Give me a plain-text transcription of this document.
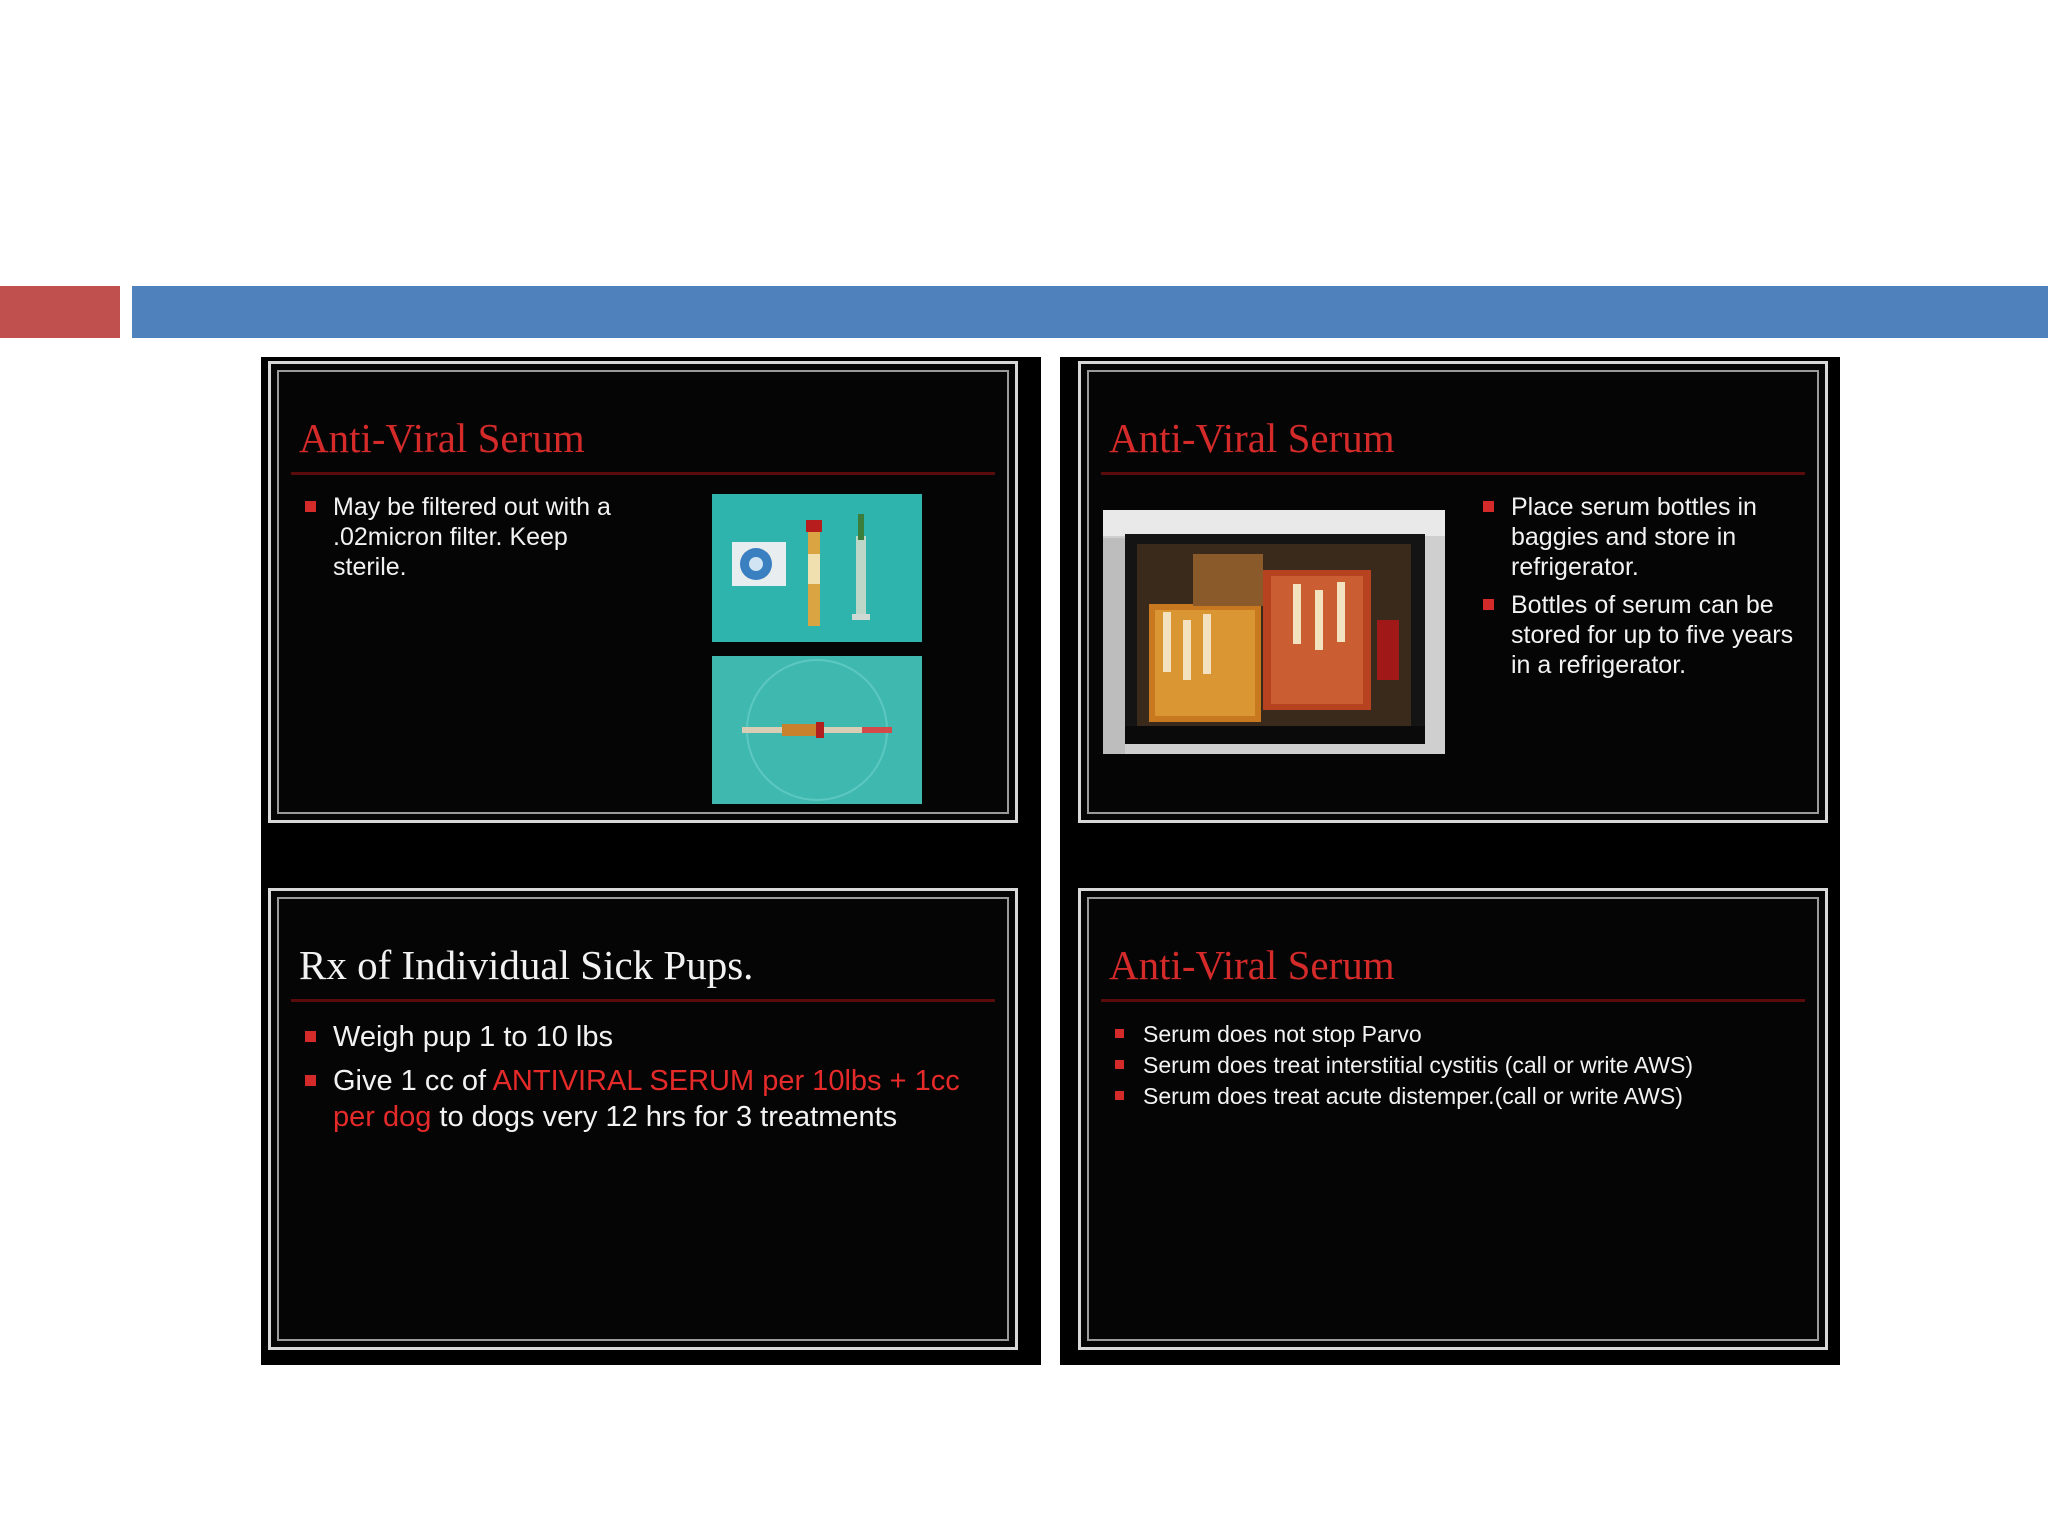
Anti-Viral Serum
May be filtered out with a .02micron filter. Keep sterile.
Rx of Individual Sick Pups.
Weigh pup 1 to 10 lbs
Give 1 cc of ANTIVIRAL SERUM per 10lbs + 1cc per dog to dogs very 12 hrs for 3 treatments
Anti-Viral Serum
Place serum bottles in baggies and store in refrigerator.
Bottles of serum can be stored for up to five years in a refrigerator.
Anti-Viral Serum
Serum does not stop Parvo
Serum does treat interstitial cystitis (call or write AWS)
Serum does treat acute distemper.(call or write AWS)
